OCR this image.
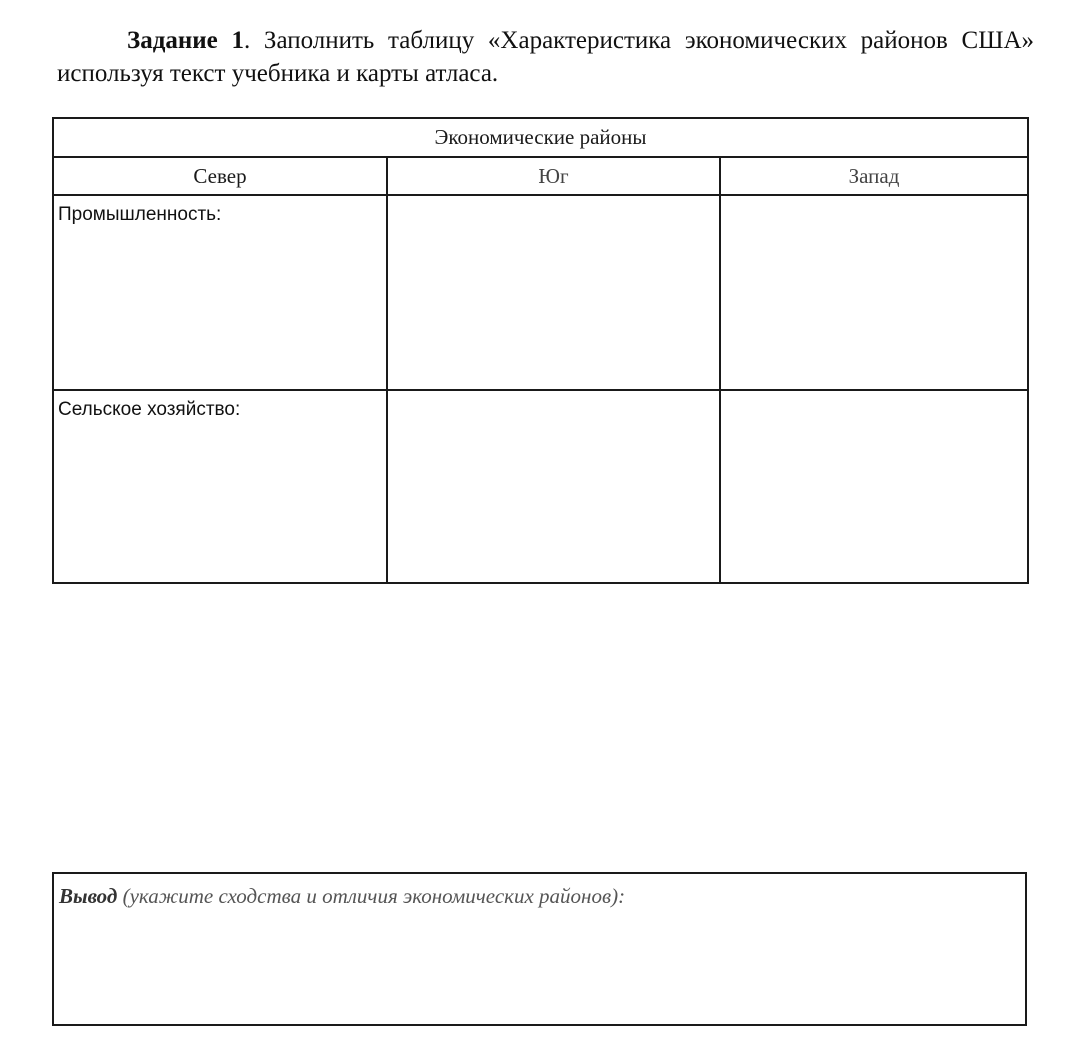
Задание 1. Заполнить таблицу «Характеристика экономических районов США» используя текст учебника и карты атласа.
Экономические районы		
Север	Юг	Запад

Промышленность:		

Сельское хозяйство:		

Вывод (укажите сходства и отличия экономических районов):
